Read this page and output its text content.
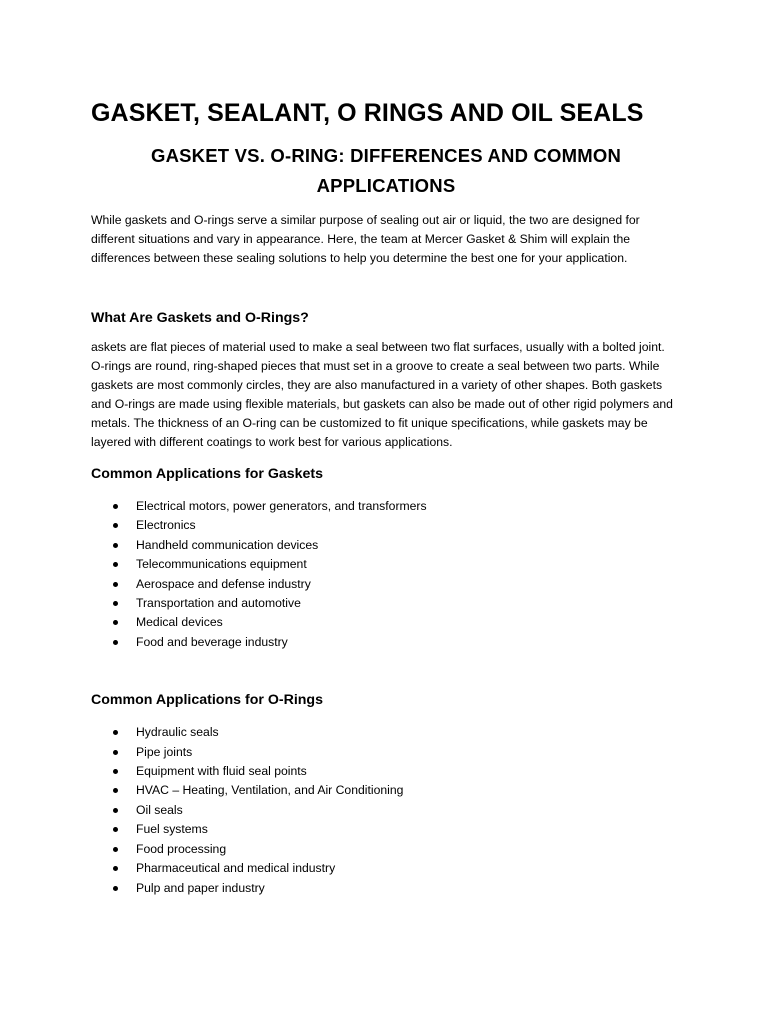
GASKET, SEALANT, O RINGS AND OIL SEALS
GASKET VS. O-RING: DIFFERENCES AND COMMON
APPLICATIONS

While gaskets and O-rings serve a similar purpose of sealing out air or liquid, the two are designed for different situations and vary in appearance. Here, the team at Mercer Gasket & Shim will explain the differences between these sealing solutions to help you determine the best one for your application.

What Are Gaskets and O-Rings?

askets are flat pieces of material used to make a seal between two flat surfaces, usually with a bolted joint. O-rings are round, ring-shaped pieces that must set in a groove to create a seal between two parts. While gaskets are most commonly circles, they are also manufactured in a variety of other shapes. Both gaskets and O-rings are made using flexible materials, but gaskets can also be made out of other rigid polymers and metals. The thickness of an O-ring can be customized to fit unique specifications, while gaskets may be layered with different coatings to work best for various applications.

Common Applications for Gaskets
Electrical motors, power generators, and transformers
Electronics
Handheld communication devices
Telecommunications equipment
Aerospace and defense industry
Transportation and automotive
Medical devices
Food and beverage industry
Common Applications for O-Rings
Hydraulic seals
Pipe joints
Equipment with fluid seal points
HVAC – Heating, Ventilation, and Air Conditioning
Oil seals
Fuel systems
Food processing
Pharmaceutical and medical industry
Pulp and paper industry
